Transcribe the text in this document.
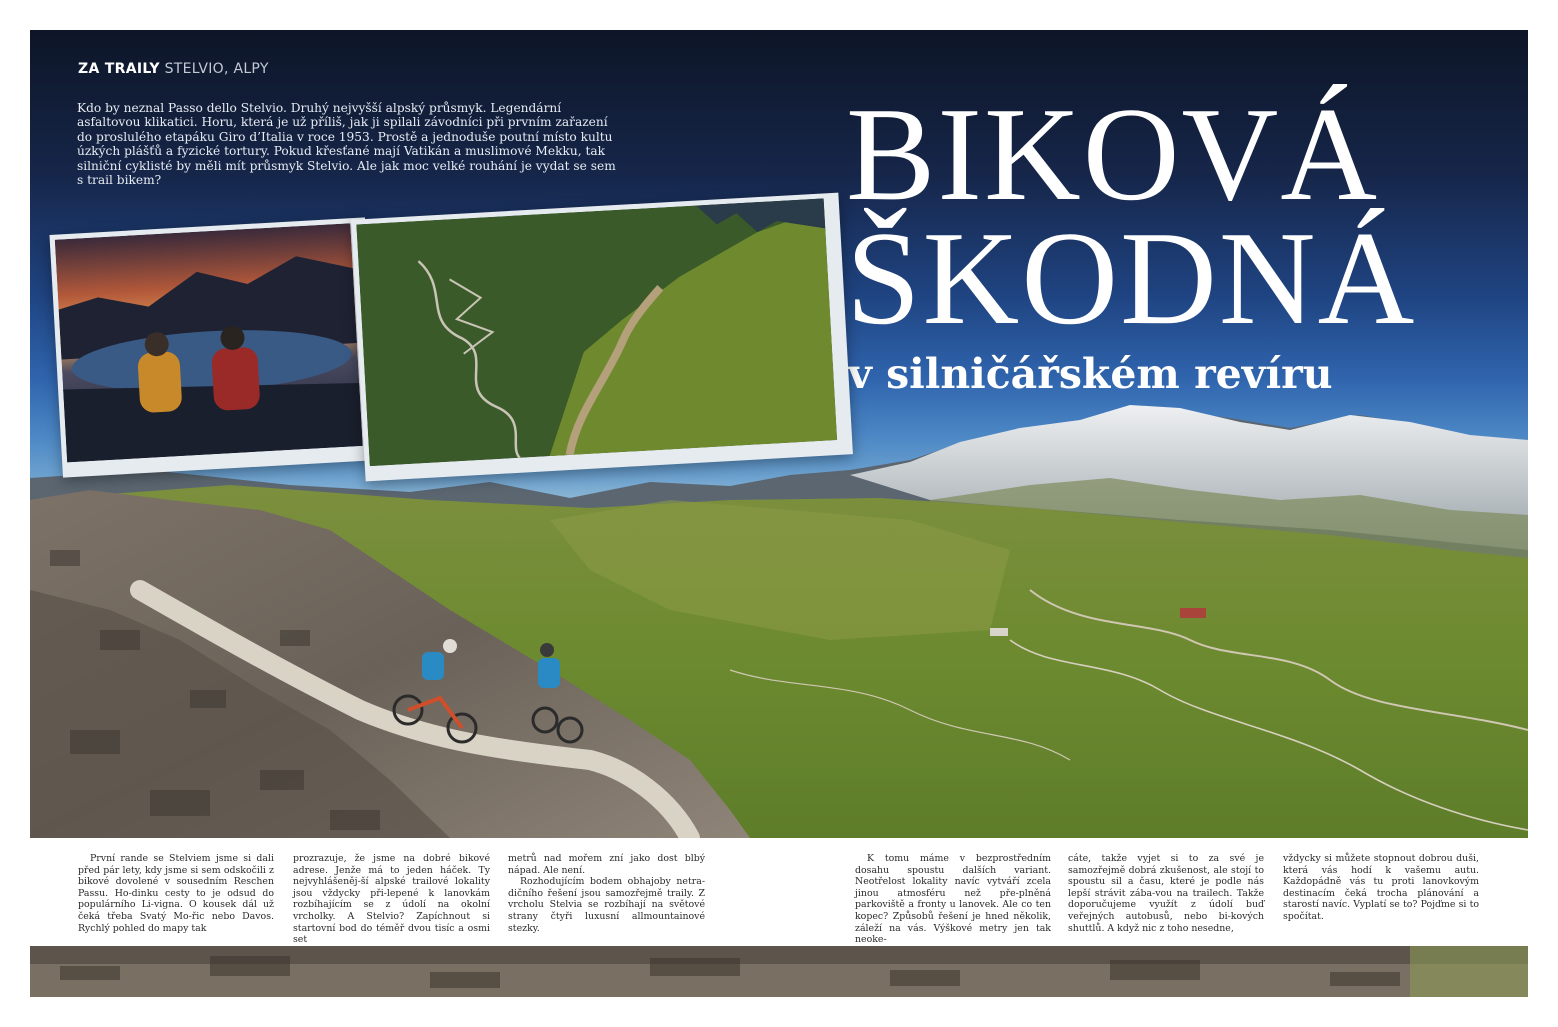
ZA TRAILY STELVIO, ALPY
Kdo by neznal Passo dello Stelvio. Druhý nejvyšší alpský průsmyk. Legendární asfaltovou klikatici. Horu, která je už příliš, jak ji spilali závodníci při prvním zařazení do proslulého etapáku Giro d’Italia v roce 1953. Prostě a jednoduše poutní místo kultu úzkých plášťů a fyzické tortury. Pokud křesťané mají Vatikán a muslimové Mekku, tak silniční cyklisté by měli mít průsmyk Stelvio. Ale jak moc velké rouhání je vydat se sem s trail bikem?	BIKOVÁ
ŠKODNÁ
v silničářském revíru

První rande se Stelviem jsme si dali před pár lety, kdy jsme si sem odskočili z bikové dovolené v sousedním Reschen Passu. Ho-dinku cesty to je odsud do populárního Li-vigna. O kousek dál už čeká třeba Svatý Mo-řic nebo Davos. Rychlý pohled do mapy tak

prozrazuje, že jsme na dobré bikové adrese. Jenže má to jeden háček. Ty nejvyhlášeněj-ší alpské trailové lokality jsou vždycky při-lepené k lanovkám rozbíhajícím se z údolí na okolní vrcholky. A Stelvio? Zapíchnout si startovní bod do téměř dvou tisíc a osmi set

metrů nad mořem zní jako dost blbý nápad. Ale není.

Rozhodujícím bodem obhajoby netra-dičního řešení jsou samozřejmě traily. Z vrcholu Stelvia se rozbíhají na světové strany čtyři luxusní allmountainové stezky.

K tomu máme v bezprostředním dosahu spoustu dalších variant. Neotřelost lokality navíc vytváří zcela jinou atmosféru než pře-plněná parkoviště a fronty u lanovek. Ale co ten kopec? Způsobů řešení je hned několik, záleží na vás. Výškové metry jen tak neoke-

cáte, takže vyjet si to za své je samozřejmě dobrá zkušenost, ale stojí to spoustu sil a času, které je podle nás lepší strávit zába-vou na trailech. Takže doporučujeme využít z údolí buď veřejných autobusů, nebo bi-kových shuttlů. A když nic z toho nesedne,

vždycky si můžete stopnout dobrou duši, která vás hodí k vašemu autu. Každopádně vás tu proti lanovkovým destinacím čeká trocha plánování a starostí navíc. Vyplatí se to? Pojďme si to spočítat.
